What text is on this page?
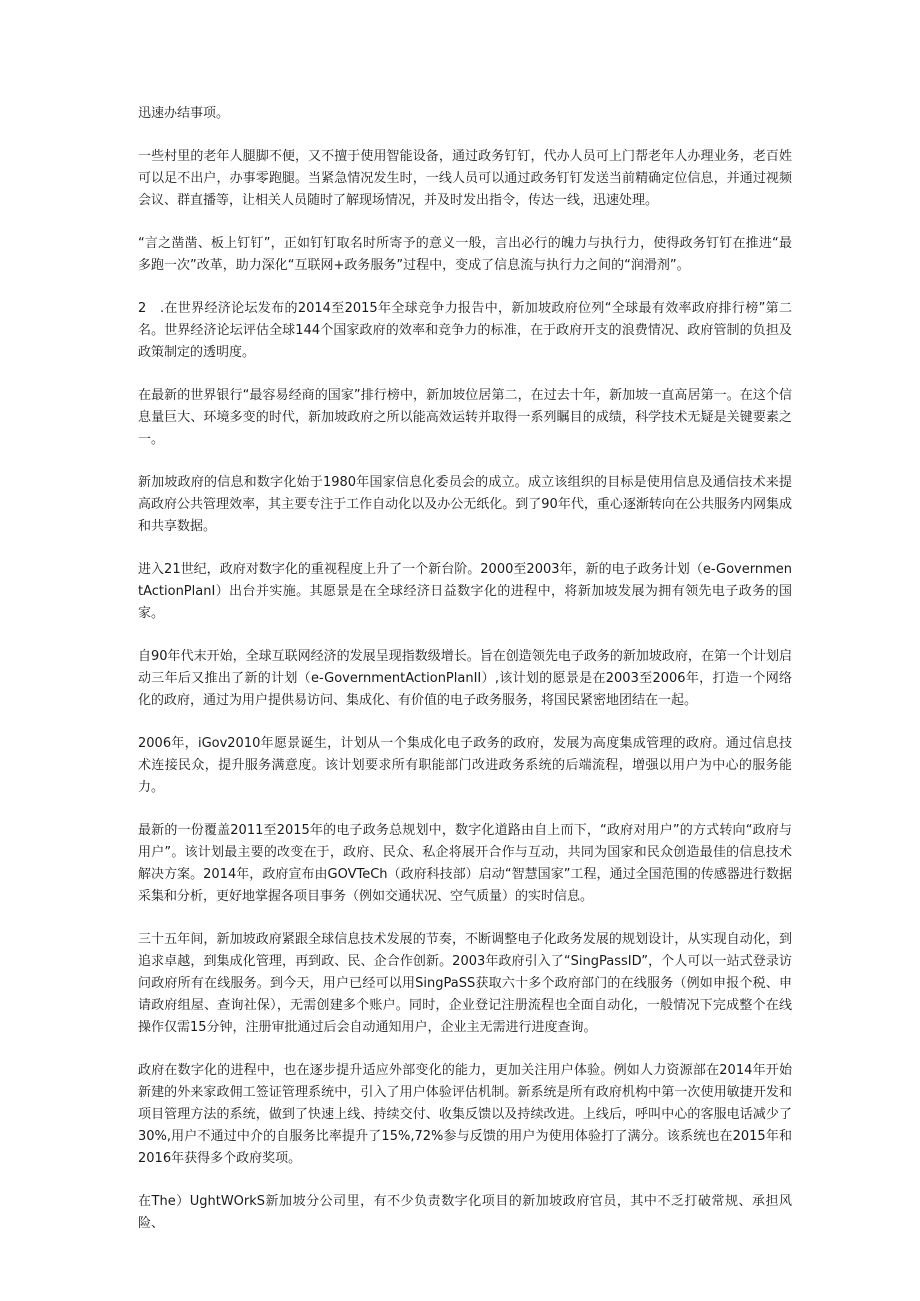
迅速办结事项。

一些村里的老年人腿脚不便，又不擅于使用智能设备，通过政务钉钉，代办人员可上门帮老年人办理业务，老百姓可以足不出户，办事零跑腿。当紧急情况发生时，一线人员可以通过政务钉钉发送当前精确定位信息，并通过视频会议、群直播等，让相关人员随时了解现场情况，并及时发出指令，传达一线，迅速处理。

“言之凿凿、板上钉钉”，正如钉钉取名时所寄予的意义一般，言出必行的魄力与执行力，使得政务钉钉在推进“最多跑一次”改革，助力深化“互联网+政务服务”过程中，变成了信息流与执行力之间的“润滑剂”。

2　.在世界经济论坛发布的2014至2015年全球竞争力报告中，新加坡政府位列“全球最有效率政府排行榜”第二名。世界经济论坛评估全球144个国家政府的效率和竞争力的标准，在于政府开支的浪费情况、政府管制的负担及政策制定的透明度。

在最新的世界银行“最容易经商的国家”排行榜中，新加坡位居第二，在过去十年，新加坡一直高居第一。在这个信息量巨大、环境多变的时代，新加坡政府之所以能高效运转并取得一系列瞩目的成绩，科学技术无疑是关键要素之一。

新加坡政府的信息和数字化始于1980年国家信息化委员会的成立。成立该组织的目标是使用信息及通信技术来提高政府公共管理效率，其主要专注于工作自动化以及办公无纸化。到了90年代，重心逐渐转向在公共服务内网集成和共享数据。

进入21世纪，政府对数字化的重视程度上升了一个新台阶。2000至2003年，新的电子政务计划（e-GovernmentActionPlanI）出台并实施。其愿景是在全球经济日益数字化的进程中，将新加坡发展为拥有领先电子政务的国家。

自90年代末开始，全球互联网经济的发展呈现指数级增长。旨在创造领先电子政务的新加坡政府，在第一个计划启动三年后又推出了新的计划（e-GovernmentActionPlanII）,该计划的愿景是在2003至2006年，打造一个网络化的政府，通过为用户提供易访问、集成化、有价值的电子政务服务，将国民紧密地团结在一起。

2006年，iGov2010年愿景诞生，计划从一个集成化电子政务的政府，发展为高度集成管理的政府。通过信息技术连接民众，提升服务满意度。该计划要求所有职能部门改进政务系统的后端流程，增强以用户为中心的服务能力。

最新的一份覆盖2011至2015年的电子政务总规划中，数字化道路由自上而下，“政府对用户”的方式转向“政府与用户”。该计划最主要的改变在于，政府、民众、私企将展开合作与互动，共同为国家和民众创造最佳的信息技术解决方案。2014年，政府宣布由GOVTeCh（政府科技部）启动“智慧国家”工程，通过全国范围的传感器进行数据采集和分析，更好地掌握各项目事务（例如交通状况、空气质量）的实时信息。

三十五年间，新加坡政府紧跟全球信息技术发展的节奏，不断调整电子化政务发展的规划设计，从实现自动化，到追求卓越，到集成化管理，再到政、民、企合作创新。2003年政府引入了“SingPassID”，个人可以一站式登录访问政府所有在线服务。到今天，用户已经可以用SingPaSS获取六十多个政府部门的在线服务（例如申报个税、申请政府组屋、查询社保），无需创建多个账户。同时，企业登记注册流程也全面自动化，一般情况下完成整个在线操作仅需15分钟，注册审批通过后会自动通知用户，企业主无需进行进度查询。

政府在数字化的进程中，也在逐步提升适应外部变化的能力，更加关注用户体验。例如人力资源部在2014年开始新建的外来家政佣工签证管理系统中，引入了用户体验评估机制。新系统是所有政府机构中第一次使用敏捷开发和项目管理方法的系统，做到了快速上线、持续交付、收集反馈以及持续改进。上线后，呼叫中心的客服电话减少了30%,用户不通过中介的自服务比率提升了15%,72%参与反馈的用户为使用体验打了满分。该系统也在2015年和2016年获得多个政府奖项。

在The）UghtWOrkS新加坡分公司里，有不少负责数字化项目的新加坡政府官员，其中不乏打破常规、承担风险、
